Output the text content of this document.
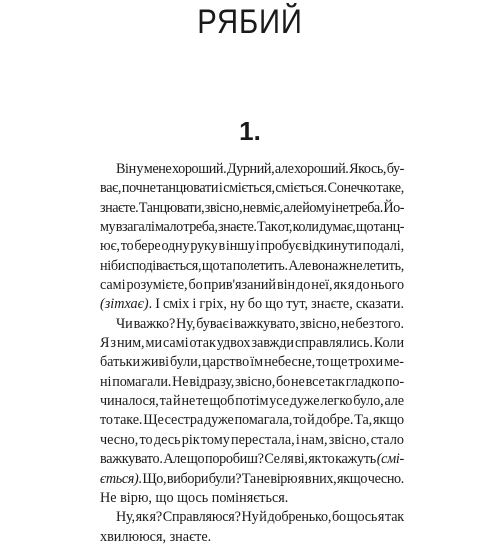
РЯБИЙ
1.
Він у мене хороший. Дурний, але хороший. Якось, бу-
ває, почне танцювати і сміється, сміється. Сонечко таке,
знаєте. Танцювати, звісно, не вміє, але йому і не треба. Йо-
му взагалі мало треба, знаєте. Так от, коли думає, що танц-
ює, то бере одну руку в іншу і пробує відкинути подалі,
ніби сподівається, що та полетить. Але вона ж не летить,
самі розумієте, бо прив'язаний він до неї, як я до нього
(зітхає). І сміх і гріх, ну бо що тут, знаєте, сказати.
Чи важко? Ну, буває і важкувато, звісно, не без того.
Я з ним, ми самі отак удвох завжди справлялись. Коли
батьки живі були, царство їм небесне, то ще трохи ме-
ні помагали. Не відразу, звісно, бо не все так гладко по-
чиналося, та й не те щоб потім усе дуже легко було, але
то таке. Ще сестра дуже помагала, то й добре. Та, якщо
чесно, то десь рік тому перестала, і нам, звісно, стало
важкувато. Але що поробиш? Се ля ві, як то кажуть (смі-
ється). Що, вибори були? Та не вірю я в них, якщо чесно.
Не вірю, що щось поміняється.
Ну, як я? Справляюся? Ну й добренько, бо щось я так
хвилююся, знаєте.
